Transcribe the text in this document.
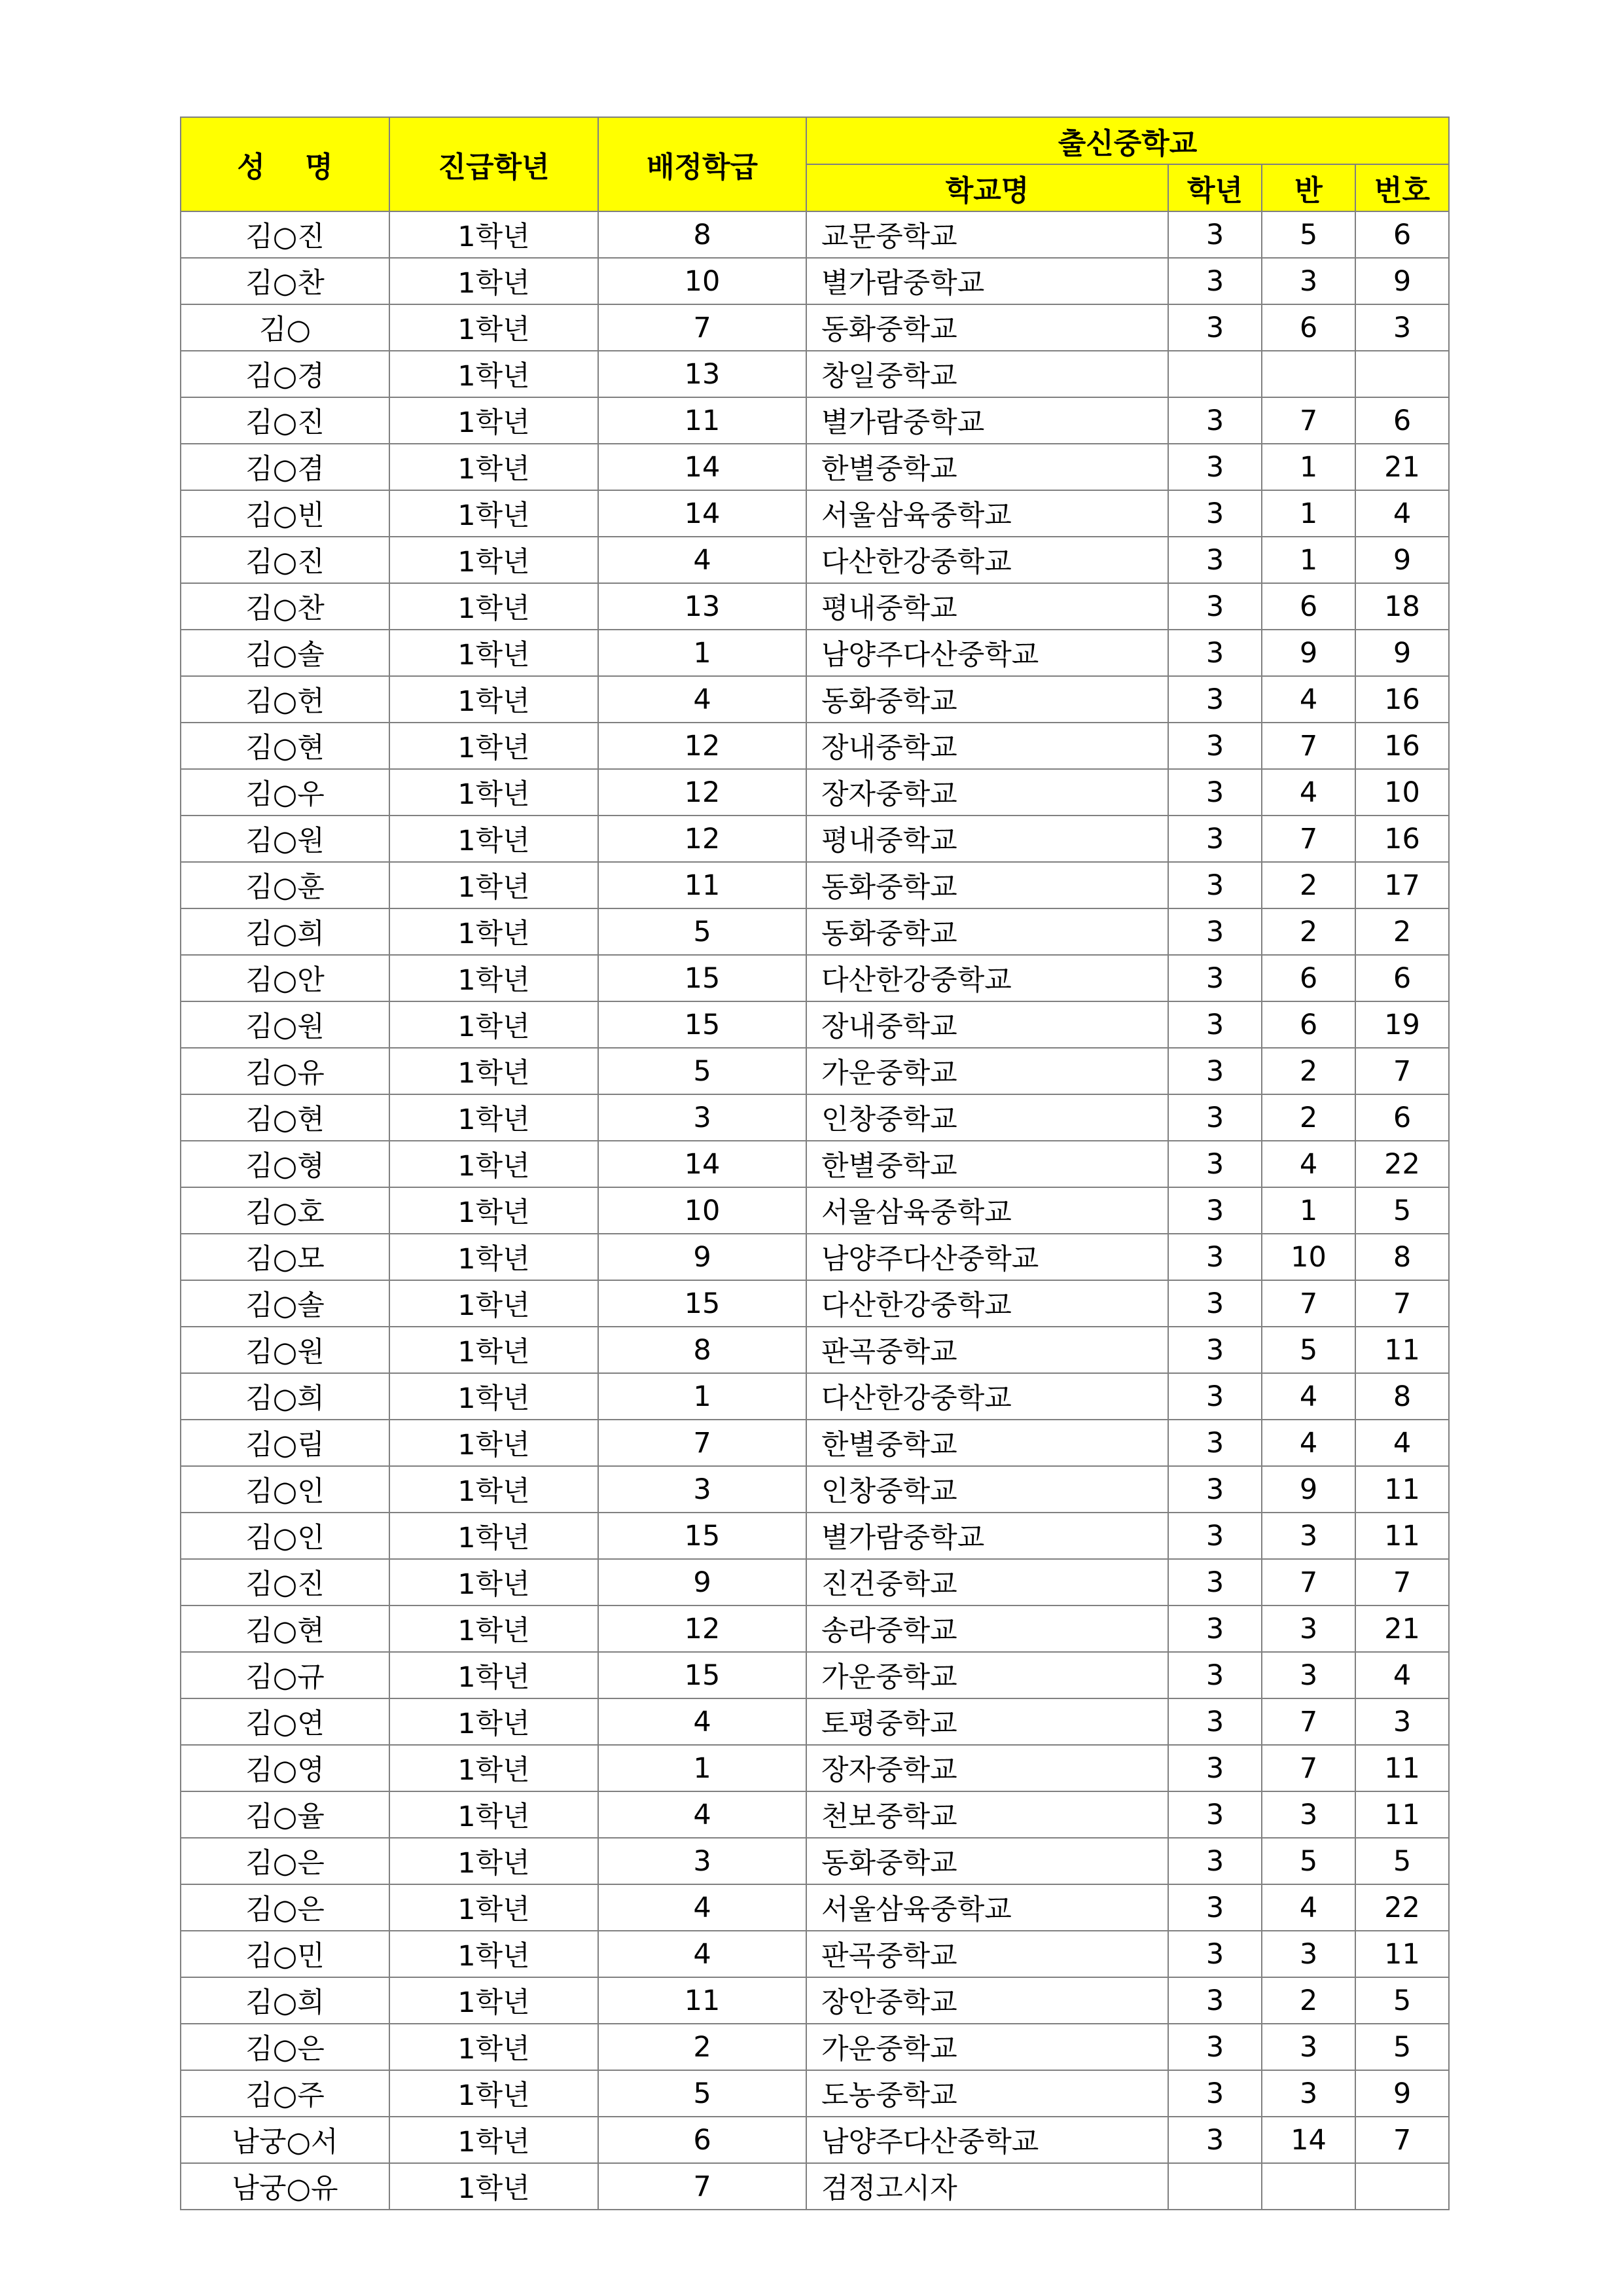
성    명	진급학년	배정학급	출신중학교			
			학교명	학년	반	번호
김○진	1학년	8	교문중학교	3	5	6
김○찬	1학년	10	별가람중학교	3	3	9
김○	1학년	7	동화중학교	3	6	3
김○경	1학년	13	창일중학교			
김○진	1학년	11	별가람중학교	3	7	6
김○겸	1학년	14	한별중학교	3	1	21
김○빈	1학년	14	서울삼육중학교	3	1	4
김○진	1학년	4	다산한강중학교	3	1	9
김○찬	1학년	13	평내중학교	3	6	18
김○솔	1학년	1	남양주다산중학교	3	9	9
김○헌	1학년	4	동화중학교	3	4	16
김○현	1학년	12	장내중학교	3	7	16
김○우	1학년	12	장자중학교	3	4	10
김○원	1학년	12	평내중학교	3	7	16
김○훈	1학년	11	동화중학교	3	2	17
김○희	1학년	5	동화중학교	3	2	2
김○안	1학년	15	다산한강중학교	3	6	6
김○원	1학년	15	장내중학교	3	6	19
김○유	1학년	5	가운중학교	3	2	7
김○현	1학년	3	인창중학교	3	2	6
김○형	1학년	14	한별중학교	3	4	22
김○호	1학년	10	서울삼육중학교	3	1	5
김○모	1학년	9	남양주다산중학교	3	10	8
김○솔	1학년	15	다산한강중학교	3	7	7
김○원	1학년	8	판곡중학교	3	5	11
김○희	1학년	1	다산한강중학교	3	4	8
김○림	1학년	7	한별중학교	3	4	4
김○인	1학년	3	인창중학교	3	9	11
김○인	1학년	15	별가람중학교	3	3	11
김○진	1학년	9	진건중학교	3	7	7
김○현	1학년	12	송라중학교	3	3	21
김○규	1학년	15	가운중학교	3	3	4
김○연	1학년	4	토평중학교	3	7	3
김○영	1학년	1	장자중학교	3	7	11
김○율	1학년	4	천보중학교	3	3	11
김○은	1학년	3	동화중학교	3	5	5
김○은	1학년	4	서울삼육중학교	3	4	22
김○민	1학년	4	판곡중학교	3	3	11
김○희	1학년	11	장안중학교	3	2	5
김○은	1학년	2	가운중학교	3	3	5
김○주	1학년	5	도농중학교	3	3	9
남궁○서	1학년	6	남양주다산중학교	3	14	7
남궁○유	1학년	7	검정고시자			
